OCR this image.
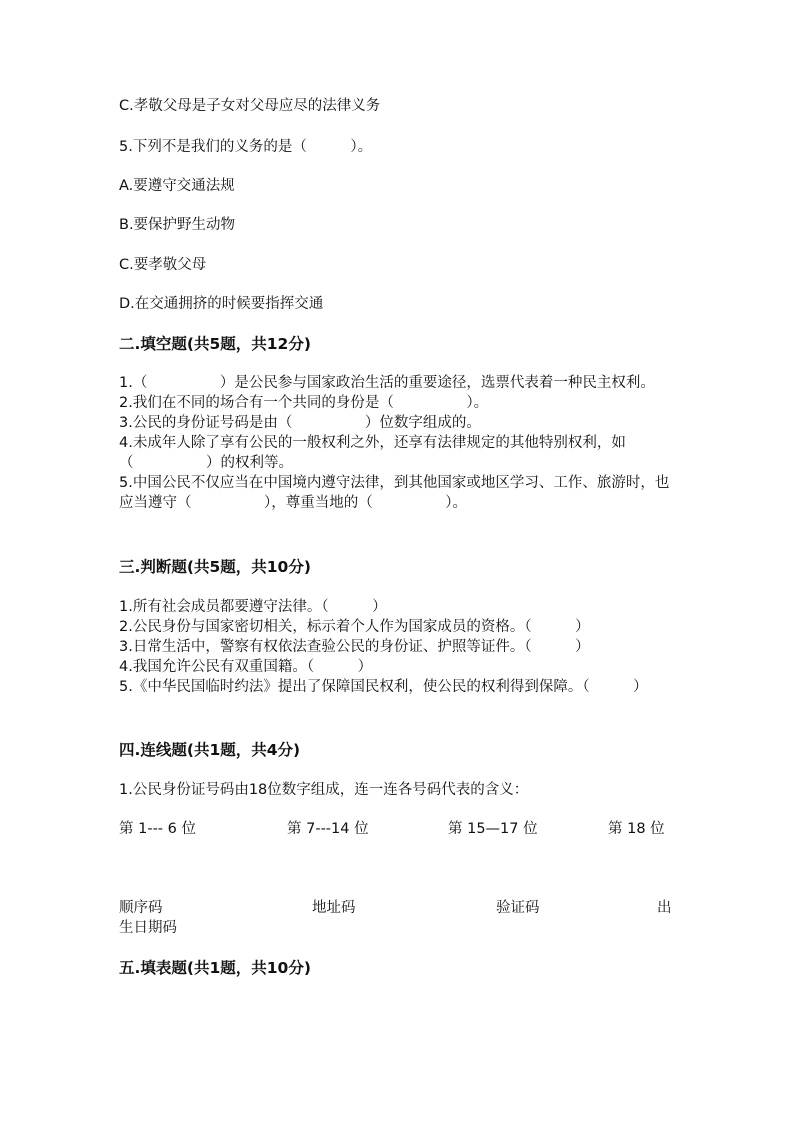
C.孝敬父母是子女对父母应尽的法律义务
5.下列不是我们的义务的是（　　　）。
A.要遵守交通法规
B.要保护野生动物
C.要孝敬父母
D.在交通拥挤的时候要指挥交通
二.填空题(共5题，共12分)

1.（　　　　　）是公民参与国家政治生活的重要途径，选票代表着一种民主权利。

2.我们在不同的场合有一个共同的身份是（　　　　　）。

3.公民的身份证号码是由（　　　　　）位数字组成的。

4.未成年人除了享有公民的一般权利之外，还享有法律规定的其他特别权利，如（　　　　　）的权利等。

5.中国公民不仅应当在中国境内遵守法律，到其他国家或地区学习、工作、旅游时，也应当遵守（　　　　　），尊重当地的（　　　　　）。

三.判断题(共5题，共10分)

1.所有社会成员都要遵守法律。（　　　）

2.公民身份与国家密切相关，标示着个人作为国家成员的资格。（　　　）

3.日常生活中，警察有权依法查验公民的身份证、护照等证件。（　　　）

4.我国允许公民有双重国籍。（　　　）

5.《中华民国临时约法》提出了保障国民权利，使公民的权利得到保障。（　　　）

四.连线题(共1题，共4分)
1.公民身份证号码由18位数字组成，连一连各号码代表的含义：
第 1--- 6 位	第 7---14 位	第 15—17 位	第 18 位
顺序码	地址码	验证码	出
生日期码
五.填表题(共1题，共10分)
